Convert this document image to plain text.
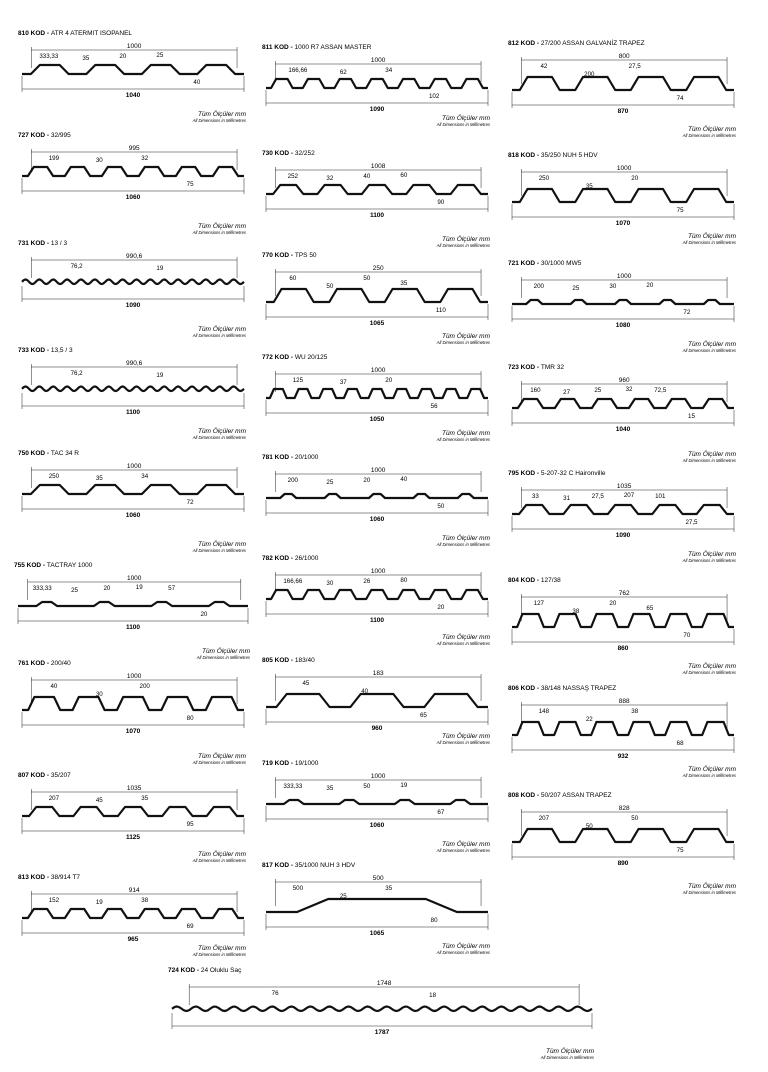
810 KOD - ATR 4 ATERMIT ISOPANEL
1000
333,33	35	20	25
40
1040
Tüm Ölçüler mm
All Dimensions in Millimetres
727 KOD - 32/995
995
199	30	32
75
1060
Tüm Ölçüler mm
All Dimensions in Millimetres
731 KOD - 13 / 3
990,6
76,2	19
1090
Tüm Ölçüler mm
All Dimensions in Millimetres
733 KOD - 13,5 / 3
990,6
76,2	19
1100
Tüm Ölçüler mm
All Dimensions in Millimetres
750 KOD - TAC 34 R
1000
250	35	34
72
1060
Tüm Ölçüler mm
All Dimensions in Millimetres
755 KOD - TACTRAY 1000
1000
333,33	25	20	19	57
20
1100
Tüm Ölçüler mm
All Dimensions in Millimetres
761 KOD - 200/40
1000
40
30
200
80
1070
Tüm Ölçüler mm
All Dimensions in Millimetres
807 KOD - 35/207
1035
207	45	35
95
1125
Tüm Ölçüler mm
All Dimensions in Millimetres
813 KOD - 38/914 T7
914
152	19	38
69
965
Tüm Ölçüler mm
All Dimensions in Millimetres
811 KOD - 1000 R7 ASSAN MASTER
1000
166,66	62	34
102
1090
Tüm Ölçüler mm
All Dimensions in Millimetres
730 KOD - 32/252
1008
252	32	40	60
90
1100
Tüm Ölçüler mm
All Dimensions in Millimetres
770 KOD - TPS 50
250
60
50
50
35
110
1065
Tüm Ölçüler mm
All Dimensions in Millimetres
772 KOD - WU 20/125
1000
125	37	20
56
1050
Tüm Ölçüler mm
All Dimensions in Millimetres
781 KOD - 20/1000
1000
200	25	20	40
50
1060
Tüm Ölçüler mm
All Dimensions in Millimetres
782 KOD - 26/1000
1000
166,66	30	26	80
20
1100
Tüm Ölçüler mm
All Dimensions in Millimetres
805 KOD - 183/40
183
45
40
65
960
Tüm Ölçüler mm
All Dimensions in Millimetres
719 KOD - 19/1000
1000
333,33	35	50	19
67
1060
Tüm Ölçüler mm
All Dimensions in Millimetres
817 KOD - 35/1000 NUH 3 HDV
500
500
25
35
80
1065
Tüm Ölçüler mm
All Dimensions in Millimetres
812 KOD - 27/200 ASSAN GALVANİZ TRAPEZ
800
42
200
27,5
74
870
Tüm Ölçüler mm
All Dimensions in Millimetres
818 KOD - 35/250 NUH 5 HDV
1000
250
35
20
75
1070
Tüm Ölçüler mm
All Dimensions in Millimetres
721 KOD - 30/1000 MW5
1000
200	25	30	20
72
1080
Tüm Ölçüler mm
All Dimensions in Millimetres
723 KOD - TMR 32
960
160	27	25	32	72,5
15
1040
Tüm Ölçüler mm
All Dimensions in Millimetres
795 KOD - 5-207-32 C Haironville
1035
33	31	27,5	207	101
27,5
1090
Tüm Ölçüler mm
All Dimensions in Millimetres
804 KOD - 127/38
762
127
38
20
65
70
860
Tüm Ölçüler mm
All Dimensions in Millimetres
806 KOD - 38/148 NASSAŞ TRAPEZ
888
148
22
38
68
932
Tüm Ölçüler mm
All Dimensions in Millimetres
808 KOD - 50/207 ASSAN TRAPEZ
828
207
50
50
75
890
Tüm Ölçüler mm
All Dimensions in Millimetres
724 KOD - 24 Oluklu Saç
1748
76	18
1787
Tüm Ölçüler mm
All Dimensions in Millimetres
